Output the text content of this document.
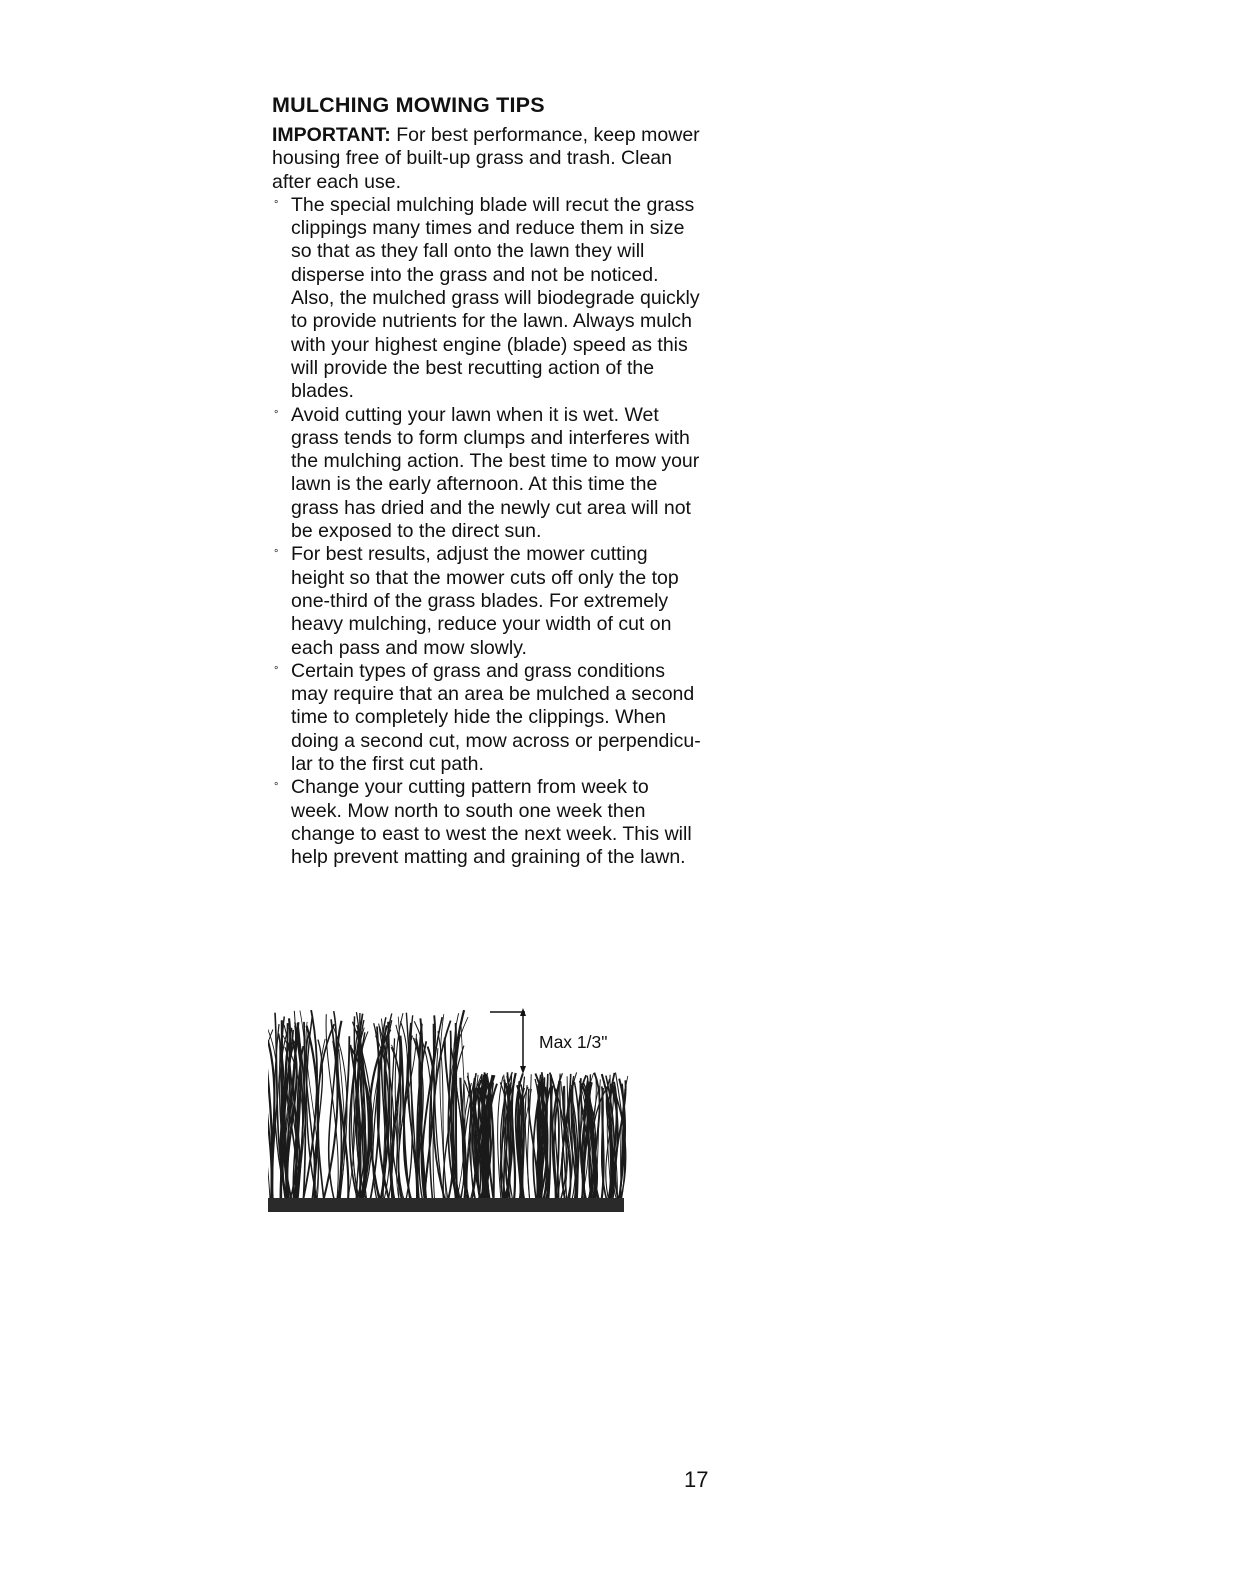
MULCHING MOWING TIPS

IMPORTANT: For best performance, keep mower housing free of built-up grass and trash. Clean after each use.

° The special mulching blade will recut the grass clippings many times and reduce them in size so that as they fall onto the lawn they will disperse into the grass and not be noticed. Also, the mulched grass will biodegrade quickly to provide nutrients for the lawn. Always mulch with your highest engine (blade) speed as this will provide the best recutting action of the blades.
° Avoid cutting your lawn when it is wet. Wet grass tends to form clumps and interferes with the mulching action. The best time to mow your lawn is the early afternoon. At this time the grass has dried and the newly cut area will not be exposed to the direct sun.
° For best results, adjust the mower cutting height so that the mower cuts off only the top one-third of the grass blades. For extremely heavy mulching, reduce your width of cut on each pass and mow slowly.
° Certain types of grass and grass conditions may require that an area be mulched a second time to completely hide the clippings. When doing a second cut, mow across or perpendicu-lar to the first cut path.
° Change your cutting pattern from week to week. Mow north to south one week then change to east to west the next week. This will help prevent matting and graining of the lawn.
Max 1/3"
17
